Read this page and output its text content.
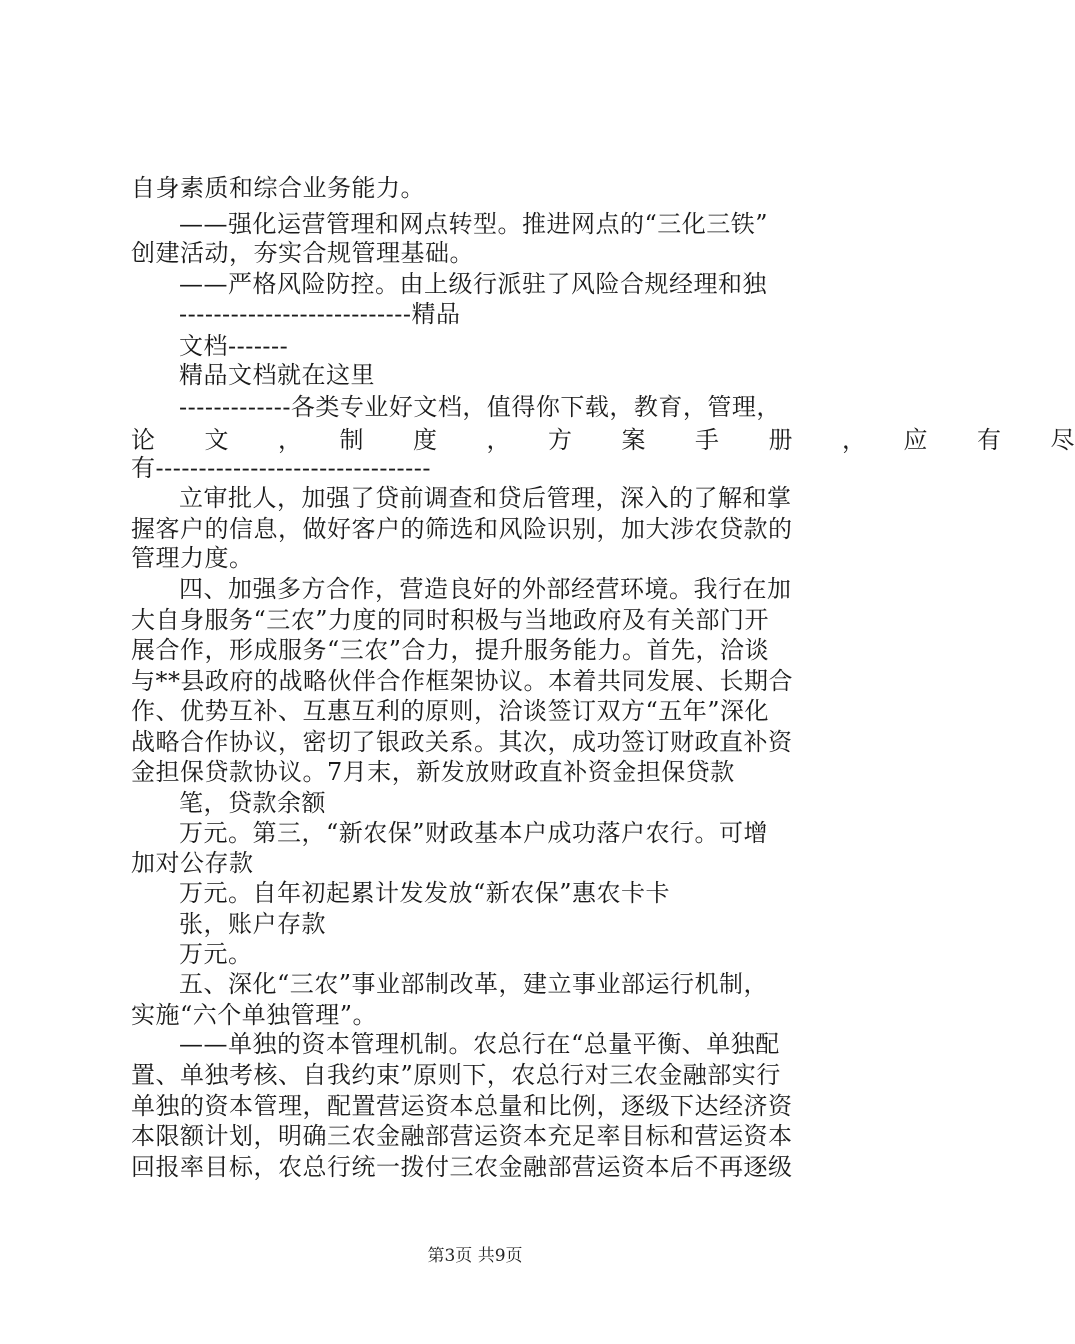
自身素质和综合业务能力。
——强化运营管理和网点转型。推进网点的“三化三铁”
创建活动，夯实合规管理基础。
——严格风险防控。由上级行派驻了风险合规经理和独
---------------------------精品
文档-------
精品文档就在这里
-------------各类专业好文档，值得你下载，教育，管理，
论　　文　　，　　制　　度　　，　　方　　案　　手　　册　　，　　应　　有　　尽
有--------------------------------
立审批人，加强了贷前调查和贷后管理，深入的了解和掌
握客户的信息，做好客户的筛选和风险识别，加大涉农贷款的
管理力度。
四、加强多方合作，营造良好的外部经营环境。我行在加
大自身服务“三农”力度的同时积极与当地政府及有关部门开
展合作，形成服务“三农”合力，提升服务能力。首先，洽谈
与**县政府的战略伙伴合作框架协议。本着共同发展、长期合
作、优势互补、互惠互利的原则，洽谈签订双方“五年”深化
战略合作协议，密切了银政关系。其次，成功签订财政直补资
金担保贷款协议。7月末，新发放财政直补资金担保贷款
笔，贷款余额
万元。第三，“新农保”财政基本户成功落户农行。可增
加对公存款
万元。自年初起累计发发放“新农保”惠农卡卡
张，账户存款
万元。
五、深化“三农”事业部制改革，建立事业部运行机制，
实施“六个单独管理”。
——单独的资本管理机制。农总行在“总量平衡、单独配
置、单独考核、自我约束”原则下，农总行对三农金融部实行
单独的资本管理，配置营运资本总量和比例，逐级下达经济资
本限额计划，明确三农金融部营运资本充足率目标和营运资本
回报率目标，农总行统一拨付三农金融部营运资本后不再逐级
第3页 共9页
